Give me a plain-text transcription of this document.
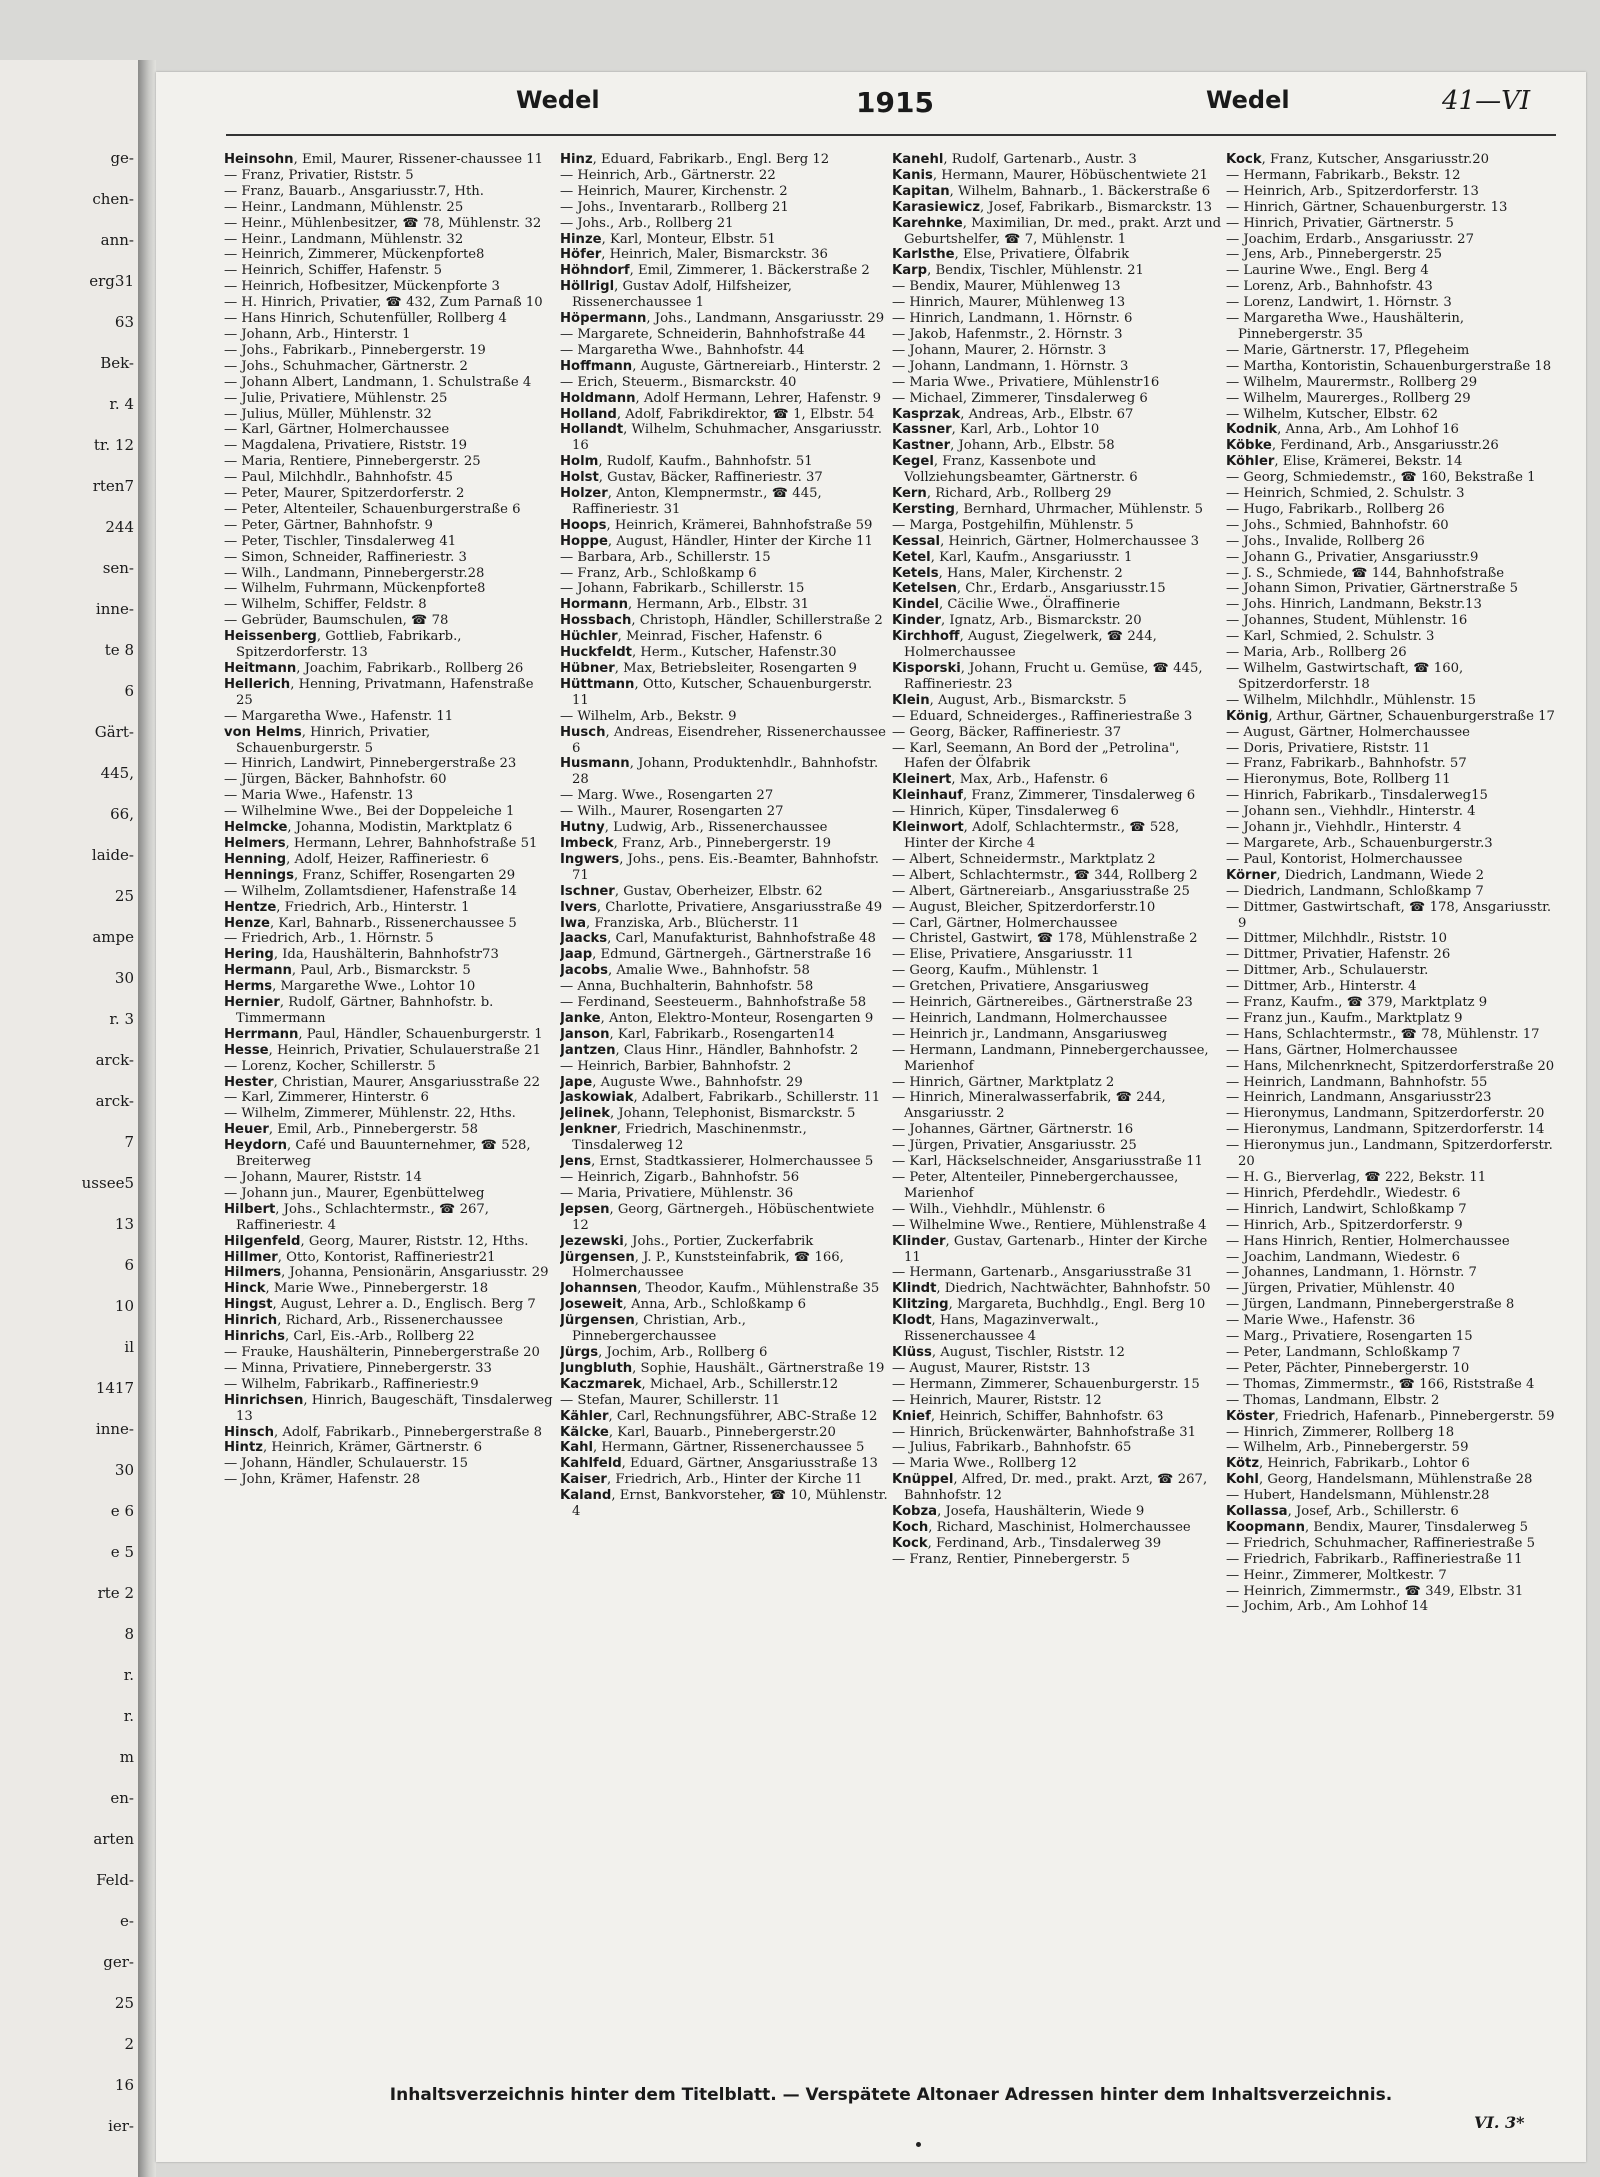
ge-
chen-
ann-
erg31
63
Bek-
r. 4
tr. 12
rten7
244
sen-
inne-
te 8
6
Gärt-
445,
66,
laide-
25
ampe
30
r. 3
arck-
arck-
7
ussee5
13
6
10
il
1417
inne-
30
e 6
e 5
rte 2
8
r.
r.
m
en-
arten
Feld-
e-
ger-
25
2
16
ier-
Wedel	1915	Wedel	41—VI

Heinsohn, Emil, Maurer, Rissener-chaussee 11

— Franz, Privatier, Riststr. 5

— Franz, Bauarb., Ansgariusstr.7, Hth.

— Heinr., Landmann, Mühlenstr. 25

— Heinr., Mühlenbesitzer, ☎ 78, Mühlenstr. 32

— Heinr., Landmann, Mühlenstr. 32

— Heinrich, Zimmerer, Mückenpforte8

— Heinrich, Schiffer, Hafenstr. 5

— Heinrich, Hofbesitzer, Mückenpforte 3

— H. Hinrich, Privatier, ☎ 432, Zum Parnaß 10

— Hans Hinrich, Schutenfüller, Rollberg 4

— Johann, Arb., Hinterstr. 1

— Johs., Fabrikarb., Pinnebergerstr. 19

— Johs., Schuhmacher, Gärtnerstr. 2

— Johann Albert, Landmann, 1. Schulstraße 4

— Julie, Privatiere, Mühlenstr. 25

— Julius, Müller, Mühlenstr. 32

— Karl, Gärtner, Holmerchaussee

— Magdalena, Privatiere, Riststr. 19

— Maria, Rentiere, Pinnebergerstr. 25

— Paul, Milchhdlr., Bahnhofstr. 45

— Peter, Maurer, Spitzerdorferstr. 2

— Peter, Altenteiler, Schauenburgerstraße 6

— Peter, Gärtner, Bahnhofstr. 9

— Peter, Tischler, Tinsdalerweg 41

— Simon, Schneider, Raffineriestr. 3

— Wilh., Landmann, Pinnebergerstr.28

— Wilhelm, Fuhrmann, Mückenpforte8

— Wilhelm, Schiffer, Feldstr. 8

— Gebrüder, Baumschulen, ☎ 78

Heissenberg, Gottlieb, Fabrikarb., Spitzerdorferstr. 13

Heitmann, Joachim, Fabrikarb., Rollberg 26

Hellerich, Henning, Privatmann, Hafenstraße 25

— Margaretha Wwe., Hafenstr. 11

von Helms, Hinrich, Privatier, Schauenburgerstr. 5

— Hinrich, Landwirt, Pinnebergerstraße 23

— Jürgen, Bäcker, Bahnhofstr. 60

— Maria Wwe., Hafenstr. 13

— Wilhelmine Wwe., Bei der Doppeleiche 1

Helmcke, Johanna, Modistin, Marktplatz 6

Helmers, Hermann, Lehrer, Bahnhofstraße 51

Henning, Adolf, Heizer, Raffineriestr. 6

Hennings, Franz, Schiffer, Rosengarten 29

— Wilhelm, Zollamtsdiener, Hafenstraße 14

Hentze, Friedrich, Arb., Hinterstr. 1

Henze, Karl, Bahnarb., Rissenerchaussee 5

— Friedrich, Arb., 1. Hörnstr. 5

Hering, Ida, Haushälterin, Bahnhofstr73

Hermann, Paul, Arb., Bismarckstr. 5

Herms, Margarethe Wwe., Lohtor 10

Hernier, Rudolf, Gärtner, Bahnhofstr. b. Timmermann

Herrmann, Paul, Händler, Schauenburgerstr. 1

Hesse, Heinrich, Privatier, Schulauerstraße 21

— Lorenz, Kocher, Schillerstr. 5

Hester, Christian, Maurer, Ansgariusstraße 22

— Karl, Zimmerer, Hinterstr. 6

— Wilhelm, Zimmerer, Mühlenstr. 22, Hths.

Heuer, Emil, Arb., Pinnebergerstr. 58

Heydorn, Café und Bauunternehmer, ☎ 528, Breiterweg

— Johann, Maurer, Riststr. 14

— Johann jun., Maurer, Egenbüttelweg

Hilbert, Johs., Schlachtermstr., ☎ 267, Raffineriestr. 4

Hilgenfeld, Georg, Maurer, Riststr. 12, Hths.

Hillmer, Otto, Kontorist, Raffineriestr21

Hilmers, Johanna, Pensionärin, Ansgariusstr. 29

Hinck, Marie Wwe., Pinnebergerstr. 18

Hingst, August, Lehrer a. D., Englisch. Berg 7

Hinrich, Richard, Arb., Rissenerchaussee

Hinrichs, Carl, Eis.-Arb., Rollberg 22

— Frauke, Haushälterin, Pinnebergerstraße 20

— Minna, Privatiere, Pinnebergerstr. 33

— Wilhelm, Fabrikarb., Raffineriestr.9

Hinrichsen, Hinrich, Baugeschäft, Tinsdalerweg 13

Hinsch, Adolf, Fabrikarb., Pinnebergerstraße 8

Hintz, Heinrich, Krämer, Gärtnerstr. 6

— Johann, Händler, Schulauerstr. 15

— John, Krämer, Hafenstr. 28

Hinz, Eduard, Fabrikarb., Engl. Berg 12

— Heinrich, Arb., Gärtnerstr. 22

— Heinrich, Maurer, Kirchenstr. 2

— Johs., Inventararb., Rollberg 21

— Johs., Arb., Rollberg 21

Hinze, Karl, Monteur, Elbstr. 51

Höfer, Heinrich, Maler, Bismarckstr. 36

Höhndorf, Emil, Zimmerer, 1. Bäckerstraße 2

Höllrigl, Gustav Adolf, Hilfsheizer, Rissenerchaussee 1

Höpermann, Johs., Landmann, Ansgariusstr. 29

— Margarete, Schneiderin, Bahnhofstraße 44

— Margaretha Wwe., Bahnhofstr. 44

Hoffmann, Auguste, Gärtnereiarb., Hinterstr. 2

— Erich, Steuerm., Bismarckstr. 40

Holdmann, Adolf Hermann, Lehrer, Hafenstr. 9

Holland, Adolf, Fabrikdirektor, ☎ 1, Elbstr. 54

Hollandt, Wilhelm, Schuhmacher, Ansgariusstr. 16

Holm, Rudolf, Kaufm., Bahnhofstr. 51

Holst, Gustav, Bäcker, Raffineriestr. 37

Holzer, Anton, Klempnermstr., ☎ 445, Raffineriestr. 31

Hoops, Heinrich, Krämerei, Bahnhofstraße 59

Hoppe, August, Händler, Hinter der Kirche 11

— Barbara, Arb., Schillerstr. 15

— Franz, Arb., Schloßkamp 6

— Johann, Fabrikarb., Schillerstr. 15

Hormann, Hermann, Arb., Elbstr. 31

Hossbach, Christoph, Händler, Schillerstraße 2

Hüchler, Meinrad, Fischer, Hafenstr. 6

Huckfeldt, Herm., Kutscher, Hafenstr.30

Hübner, Max, Betriebsleiter, Rosengarten 9

Hüttmann, Otto, Kutscher, Schauenburgerstr. 11

— Wilhelm, Arb., Bekstr. 9

Husch, Andreas, Eisendreher, Rissenerchaussee 6

Husmann, Johann, Produktenhdlr., Bahnhofstr. 28

— Marg. Wwe., Rosengarten 27

— Wilh., Maurer, Rosengarten 27

Hutny, Ludwig, Arb., Rissenerchaussee

Imbeck, Franz, Arb., Pinnebergerstr. 19

Ingwers, Johs., pens. Eis.-Beamter, Bahnhofstr. 71

Ischner, Gustav, Oberheizer, Elbstr. 62

Ivers, Charlotte, Privatiere, Ansgariusstraße 49

Iwa, Franziska, Arb., Blücherstr. 11

Jaacks, Carl, Manufakturist, Bahnhofstraße 48

Jaap, Edmund, Gärtnergeh., Gärtnerstraße 16

Jacobs, Amalie Wwe., Bahnhofstr. 58

— Anna, Buchhalterin, Bahnhofstr. 58

— Ferdinand, Seesteuerm., Bahnhofstraße 58

Janke, Anton, Elektro-Monteur, Rosengarten 9

Janson, Karl, Fabrikarb., Rosengarten14

Jantzen, Claus Hinr., Händler, Bahnhofstr. 2

— Heinrich, Barbier, Bahnhofstr. 2

Jape, Auguste Wwe., Bahnhofstr. 29

Jaskowiak, Adalbert, Fabrikarb., Schillerstr. 11

Jelinek, Johann, Telephonist, Bismarckstr. 5

Jenkner, Friedrich, Maschinenmstr., Tinsdalerweg 12

Jens, Ernst, Stadtkassierer, Holmerchaussee 5

— Heinrich, Zigarb., Bahnhofstr. 56

— Maria, Privatiere, Mühlenstr. 36

Jepsen, Georg, Gärtnergeh., Höbüschentwiete 12

Jezewski, Johs., Portier, Zuckerfabrik

Jürgensen, J. P., Kunststeinfabrik, ☎ 166, Holmerchaussee

Johannsen, Theodor, Kaufm., Mühlenstraße 35

Joseweit, Anna, Arb., Schloßkamp 6

Jürgensen, Christian, Arb., Pinnebergerchaussee

Jürgs, Jochim, Arb., Rollberg 6

Jungbluth, Sophie, Haushält., Gärtnerstraße 19

Kaczmarek, Michael, Arb., Schillerstr.12

— Stefan, Maurer, Schillerstr. 11

Kähler, Carl, Rechnungsführer, ABC-Straße 12

Kälcke, Karl, Bauarb., Pinnebergerstr.20

Kahl, Hermann, Gärtner, Rissenerchaussee 5

Kahlfeld, Eduard, Gärtner, Ansgariusstraße 13

Kaiser, Friedrich, Arb., Hinter der Kirche 11

Kaland, Ernst, Bankvorsteher, ☎ 10, Mühlenstr. 4

Kanehl, Rudolf, Gartenarb., Austr. 3

Kanis, Hermann, Maurer, Höbüschentwiete 21

Kapitan, Wilhelm, Bahnarb., 1. Bäckerstraße 6

Karasiewicz, Josef, Fabrikarb., Bismarckstr. 13

Karehnke, Maximilian, Dr. med., prakt. Arzt und Geburtshelfer, ☎ 7, Mühlenstr. 1

Karlsthe, Else, Privatiere, Ölfabrik

Karp, Bendix, Tischler, Mühlenstr. 21

— Bendix, Maurer, Mühlenweg 13

— Hinrich, Maurer, Mühlenweg 13

— Hinrich, Landmann, 1. Hörnstr. 6

— Jakob, Hafenmstr., 2. Hörnstr. 3

— Johann, Maurer, 2. Hörnstr. 3

— Johann, Landmann, 1. Hörnstr. 3

— Maria Wwe., Privatiere, Mühlenstr16

— Michael, Zimmerer, Tinsdalerweg 6

Kasprzak, Andreas, Arb., Elbstr. 67

Kassner, Karl, Arb., Lohtor 10

Kastner, Johann, Arb., Elbstr. 58

Kegel, Franz, Kassenbote und Vollziehungsbeamter, Gärtnerstr. 6

Kern, Richard, Arb., Rollberg 29

Kersting, Bernhard, Uhrmacher, Mühlenstr. 5

— Marga, Postgehilfin, Mühlenstr. 5

Kessal, Heinrich, Gärtner, Holmerchaussee 3

Ketel, Karl, Kaufm., Ansgariusstr. 1

Ketels, Hans, Maler, Kirchenstr. 2

Ketelsen, Chr., Erdarb., Ansgariusstr.15

Kindel, Cäcilie Wwe., Ölraffinerie

Kinder, Ignatz, Arb., Bismarckstr. 20

Kirchhoff, August, Ziegelwerk, ☎ 244, Holmerchaussee

Kisporski, Johann, Frucht u. Gemüse, ☎ 445, Raffineriestr. 23

Klein, August, Arb., Bismarckstr. 5

— Eduard, Schneiderges., Raffineriestraße 3

— Georg, Bäcker, Raffineriestr. 37

— Karl, Seemann, An Bord der „Petrolina", Hafen der Ölfabrik

Kleinert, Max, Arb., Hafenstr. 6

Kleinhauf, Franz, Zimmerer, Tinsdalerweg 6

— Hinrich, Küper, Tinsdalerweg 6

Kleinwort, Adolf, Schlachtermstr., ☎ 528, Hinter der Kirche 4

— Albert, Schneidermstr., Marktplatz 2

— Albert, Schlachtermstr., ☎ 344, Rollberg 2

— Albert, Gärtnereiarb., Ansgariusstraße 25

— August, Bleicher, Spitzerdorferstr.10

— Carl, Gärtner, Holmerchaussee

— Christel, Gastwirt, ☎ 178, Mühlenstraße 2

— Elise, Privatiere, Ansgariusstr. 11

— Georg, Kaufm., Mühlenstr. 1

— Gretchen, Privatiere, Ansgariusweg

— Heinrich, Gärtnereibes., Gärtnerstraße 23

— Heinrich, Landmann, Holmerchaussee

— Heinrich jr., Landmann, Ansgariusweg

— Hermann, Landmann, Pinnebergerchaussee, Marienhof

— Hinrich, Gärtner, Marktplatz 2

— Hinrich, Mineralwasserfabrik, ☎ 244, Ansgariusstr. 2

— Johannes, Gärtner, Gärtnerstr. 16

— Jürgen, Privatier, Ansgariusstr. 25

— Karl, Häckselschneider, Ansgariusstraße 11

— Peter, Altenteiler, Pinnebergerchaussee, Marienhof

— Wilh., Viehhdlr., Mühlenstr. 6

— Wilhelmine Wwe., Rentiere, Mühlenstraße 4

Klinder, Gustav, Gartenarb., Hinter der Kirche 11

— Hermann, Gartenarb., Ansgariusstraße 31

Klindt, Diedrich, Nachtwächter, Bahnhofstr. 50

Klitzing, Margareta, Buchhdlg., Engl. Berg 10

Klodt, Hans, Magazinverwalt., Rissenerchaussee 4

Klüss, August, Tischler, Riststr. 12

— August, Maurer, Riststr. 13

— Hermann, Zimmerer, Schauenburgerstr. 15

— Heinrich, Maurer, Riststr. 12

Knief, Heinrich, Schiffer, Bahnhofstr. 63

— Hinrich, Brückenwärter, Bahnhofstraße 31

— Julius, Fabrikarb., Bahnhofstr. 65

— Maria Wwe., Rollberg 12

Knüppel, Alfred, Dr. med., prakt. Arzt, ☎ 267, Bahnhofstr. 12

Kobza, Josefa, Haushälterin, Wiede 9

Koch, Richard, Maschinist, Holmerchaussee

Kock, Ferdinand, Arb., Tinsdalerweg 39

— Franz, Rentier, Pinnebergerstr. 5

Kock, Franz, Kutscher, Ansgariusstr.20

— Hermann, Fabrikarb., Bekstr. 12

— Heinrich, Arb., Spitzerdorferstr. 13

— Hinrich, Gärtner, Schauenburgerstr. 13

— Hinrich, Privatier, Gärtnerstr. 5

— Joachim, Erdarb., Ansgariusstr. 27

— Jens, Arb., Pinnebergerstr. 25

— Laurine Wwe., Engl. Berg 4

— Lorenz, Arb., Bahnhofstr. 43

— Lorenz, Landwirt, 1. Hörnstr. 3

— Margaretha Wwe., Haushälterin, Pinnebergerstr. 35

— Marie, Gärtnerstr. 17, Pflegeheim

— Martha, Kontoristin, Schauenburgerstraße 18

— Wilhelm, Maurermstr., Rollberg 29

— Wilhelm, Maurerges., Rollberg 29

— Wilhelm, Kutscher, Elbstr. 62

Kodnik, Anna, Arb., Am Lohhof 16

Köbke, Ferdinand, Arb., Ansgariusstr.26

Köhler, Elise, Krämerei, Bekstr. 14

— Georg, Schmiedemstr., ☎ 160, Bekstraße 1

— Heinrich, Schmied, 2. Schulstr. 3

— Hugo, Fabrikarb., Rollberg 26

— Johs., Schmied, Bahnhofstr. 60

— Johs., Invalide, Rollberg 26

— Johann G., Privatier, Ansgariusstr.9

— J. S., Schmiede, ☎ 144, Bahnhofstraße

— Johann Simon, Privatier, Gärtnerstraße 5

— Johs. Hinrich, Landmann, Bekstr.13

— Johannes, Student, Mühlenstr. 16

— Karl, Schmied, 2. Schulstr. 3

— Maria, Arb., Rollberg 26

— Wilhelm, Gastwirtschaft, ☎ 160, Spitzerdorferstr. 18

— Wilhelm, Milchhdlr., Mühlenstr. 15

König, Arthur, Gärtner, Schauenburgerstraße 17

— August, Gärtner, Holmerchaussee

— Doris, Privatiere, Riststr. 11

— Franz, Fabrikarb., Bahnhofstr. 57

— Hieronymus, Bote, Rollberg 11

— Hinrich, Fabrikarb., Tinsdalerweg15

— Johann sen., Viehhdlr., Hinterstr. 4

— Johann jr., Viehhdlr., Hinterstr. 4

— Margarete, Arb., Schauenburgerstr.3

— Paul, Kontorist, Holmerchaussee

Körner, Diedrich, Landmann, Wiede 2

— Diedrich, Landmann, Schloßkamp 7

— Dittmer, Gastwirtschaft, ☎ 178, Ansgariusstr. 9

— Dittmer, Milchhdlr., Riststr. 10

— Dittmer, Privatier, Hafenstr. 26

— Dittmer, Arb., Schulauerstr.

— Dittmer, Arb., Hinterstr. 4

— Franz, Kaufm., ☎ 379, Marktplatz 9

— Franz jun., Kaufm., Marktplatz 9

— Hans, Schlachtermstr., ☎ 78, Mühlenstr. 17

— Hans, Gärtner, Holmerchaussee

— Hans, Milchenrknecht, Spitzerdorferstraße 20

— Heinrich, Landmann, Bahnhofstr. 55

— Heinrich, Landmann, Ansgariusstr23

— Hieronymus, Landmann, Spitzerdorferstr. 20

— Hieronymus, Landmann, Spitzerdorferstr. 14

— Hieronymus jun., Landmann, Spitzerdorferstr. 20

— H. G., Bierverlag, ☎ 222, Bekstr. 11

— Hinrich, Pferdehdlr., Wiedestr. 6

— Hinrich, Landwirt, Schloßkamp 7

— Hinrich, Arb., Spitzerdorferstr. 9

— Hans Hinrich, Rentier, Holmerchaussee

— Joachim, Landmann, Wiedestr. 6

— Johannes, Landmann, 1. Hörnstr. 7

— Jürgen, Privatier, Mühlenstr. 40

— Jürgen, Landmann, Pinnebergerstraße 8

— Marie Wwe., Hafenstr. 36

— Marg., Privatiere, Rosengarten 15

— Peter, Landmann, Schloßkamp 7

— Peter, Pächter, Pinnebergerstr. 10

— Thomas, Zimmermstr., ☎ 166, Riststraße 4

— Thomas, Landmann, Elbstr. 2

Köster, Friedrich, Hafenarb., Pinnebergerstr. 59

— Hinrich, Zimmerer, Rollberg 18

— Wilhelm, Arb., Pinnebergerstr. 59

Kötz, Heinrich, Fabrikarb., Lohtor 6

Kohl, Georg, Handelsmann, Mühlenstraße 28

— Hubert, Handelsmann, Mühlenstr.28

Kollassa, Josef, Arb., Schillerstr. 6

Koopmann, Bendix, Maurer, Tinsdalerweg 5

— Friedrich, Schuhmacher, Raffineriestraße 5

— Friedrich, Fabrikarb., Raffineriestraße 11

— Heinr., Zimmerer, Moltkestr. 7

— Heinrich, Zimmermstr., ☎ 349, Elbstr. 31

— Jochim, Arb., Am Lohhof 14

Inhaltsverzeichnis hinter dem Titelblatt. — Verspätete Altonaer Adressen hinter dem Inhaltsverzeichnis.
VI. 3*
